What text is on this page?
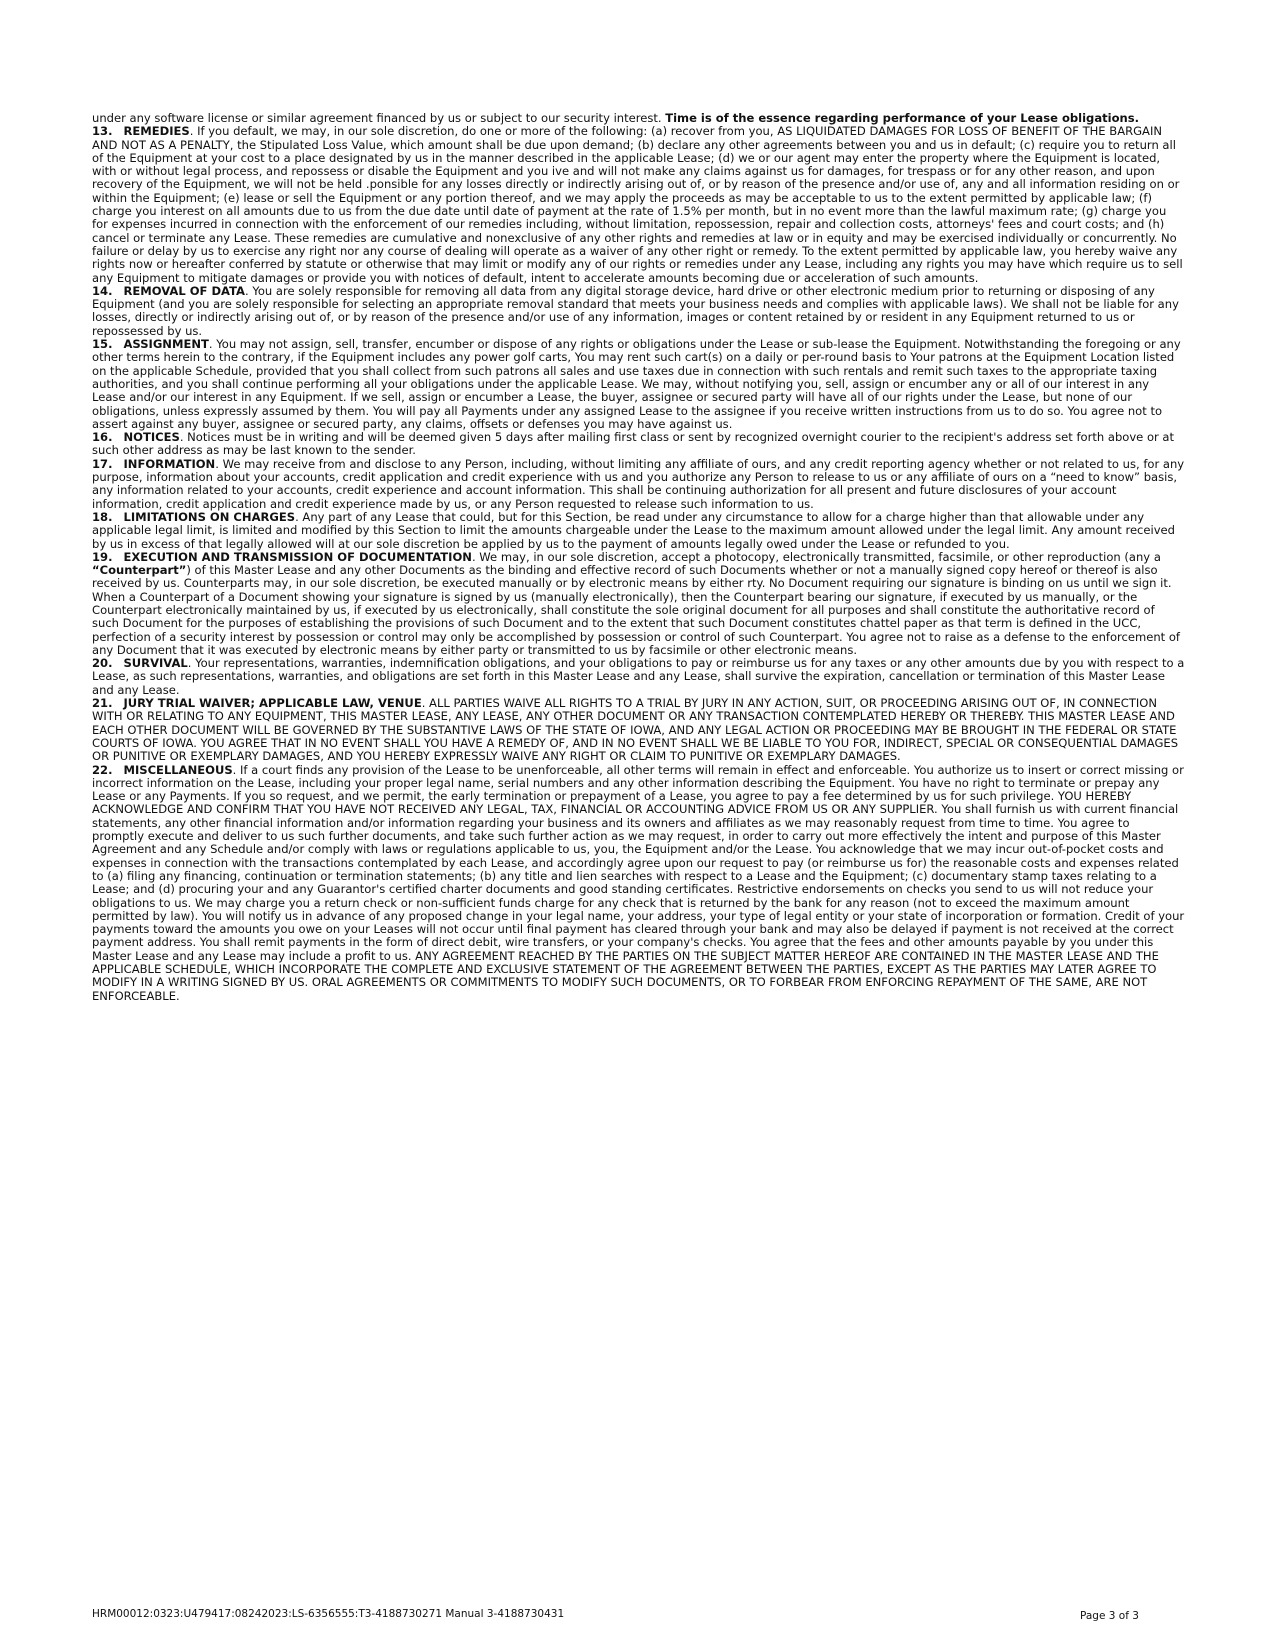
under any software license or similar agreement financed by us or subject to our security interest. Time is of the essence regarding performance of your Lease obligations.

13. REMEDIES. If you default, we may, in our sole discretion, do one or more of the following: (a) recover from you, AS LIQUIDATED DAMAGES FOR LOSS OF BENEFIT OF THE BARGAIN AND NOT AS A PENALTY, the Stipulated Loss Value, which amount shall be due upon demand; (b) declare any other agreements between you and us in default; (c) require you to return all of the Equipment at your cost to a place designated by us in the manner described in the applicable Lease; (d) we or our agent may enter the property where the Equipment is located, with or without legal process, and repossess or disable the Equipment and you ive and will not make any claims against us for damages, for trespass or for any other reason, and upon recovery of the Equipment, we will not be held .ponsible for any losses directly or indirectly arising out of, or by reason of the presence and/or use of, any and all information residing on or within the Equipment; (e) lease or sell the Equipment or any portion thereof, and we may apply the proceeds as may be acceptable to us to the extent permitted by applicable law; (f) charge you interest on all amounts due to us from the due date until date of payment at the rate of 1.5% per month, but in no event more than the lawful maximum rate; (g) charge you for expenses incurred in connection with the enforcement of our remedies including, without limitation, repossession, repair and collection costs, attorneys' fees and court costs; and (h) cancel or terminate any Lease. These remedies are cumulative and nonexclusive of any other rights and remedies at law or in equity and may be exercised individually or concurrently. No failure or delay by us to exercise any right nor any course of dealing will operate as a waiver of any other right or remedy. To the extent permitted by applicable law, you hereby waive any rights now or hereafter conferred by statute or otherwise that may limit or modify any of our rights or remedies under any Lease, including any rights you may have which require us to sell any Equipment to mitigate damages or provide you with notices of default, intent to accelerate amounts becoming due or acceleration of such amounts.

14. REMOVAL OF DATA. You are solely responsible for removing all data from any digital storage device, hard drive or other electronic medium prior to returning or disposing of any Equipment (and you are solely responsible for selecting an appropriate removal standard that meets your business needs and complies with applicable laws). We shall not be liable for any losses, directly or indirectly arising out of, or by reason of the presence and/or use of any information, images or content retained by or resident in any Equipment returned to us or repossessed by us.

15. ASSIGNMENT. You may not assign, sell, transfer, encumber or dispose of any rights or obligations under the Lease or sub-lease the Equipment. Notwithstanding the foregoing or any other terms herein to the contrary, if the Equipment includes any power golf carts, You may rent such cart(s) on a daily or per-round basis to Your patrons at the Equipment Location listed on the applicable Schedule, provided that you shall collect from such patrons all sales and use taxes due in connection with such rentals and remit such taxes to the appropriate taxing authorities, and you shall continue performing all your obligations under the applicable Lease. We may, without notifying you, sell, assign or encumber any or all of our interest in any Lease and/or our interest in any Equipment. If we sell, assign or encumber a Lease, the buyer, assignee or secured party will have all of our rights under the Lease, but none of our obligations, unless expressly assumed by them. You will pay all Payments under any assigned Lease to the assignee if you receive written instructions from us to do so. You agree not to assert against any buyer, assignee or secured party, any claims, offsets or defenses you may have against us.

16. NOTICES. Notices must be in writing and will be deemed given 5 days after mailing first class or sent by recognized overnight courier to the recipient's address set forth above or at such other address as may be last known to the sender.

17. INFORMATION. We may receive from and disclose to any Person, including, without limiting any affiliate of ours, and any credit reporting agency whether or not related to us, for any purpose, information about your accounts, credit application and credit experience with us and you authorize any Person to release to us or any affiliate of ours on a “need to know” basis, any information related to your accounts, credit experience and account information. This shall be continuing authorization for all present and future disclosures of your account information, credit application and credit experience made by us, or any Person requested to release such information to us.

18. LIMITATIONS ON CHARGES. Any part of any Lease that could, but for this Section, be read under any circumstance to allow for a charge higher than that allowable under any applicable legal limit, is limited and modified by this Section to limit the amounts chargeable under the Lease to the maximum amount allowed under the legal limit. Any amount received by us in excess of that legally allowed will at our sole discretion be applied by us to the payment of amounts legally owed under the Lease or refunded to you.

19. EXECUTION AND TRANSMISSION OF DOCUMENTATION. We may, in our sole discretion, accept a photocopy, electronically transmitted, facsimile, or other reproduction (any a “Counterpart”) of this Master Lease and any other Documents as the binding and effective record of such Documents whether or not a manually signed copy hereof or thereof is also received by us. Counterparts may, in our sole discretion, be executed manually or by electronic means by either rty. No Document requiring our signature is binding on us until we sign it. When a Counterpart of a Document showing your signature is signed by us (manually electronically), then the Counterpart bearing our signature, if executed by us manually, or the Counterpart electronically maintained by us, if executed by us electronically, shall constitute the sole original document for all purposes and shall constitute the authoritative record of such Document for the purposes of establishing the provisions of such Document and to the extent that such Document constitutes chattel paper as that term is defined in the UCC, perfection of a security interest by possession or control may only be accomplished by possession or control of such Counterpart. You agree not to raise as a defense to the enforcement of any Document that it was executed by electronic means by either party or transmitted to us by facsimile or other electronic means.

20. SURVIVAL. Your representations, warranties, indemnification obligations, and your obligations to pay or reimburse us for any taxes or any other amounts due by you with respect to a Lease, as such representations, warranties, and obligations are set forth in this Master Lease and any Lease, shall survive the expiration, cancellation or termination of this Master Lease and any Lease.

21. JURY TRIAL WAIVER; APPLICABLE LAW, VENUE. ALL PARTIES WAIVE ALL RIGHTS TO A TRIAL BY JURY IN ANY ACTION, SUIT, OR PROCEEDING ARISING OUT OF, IN CONNECTION WITH OR RELATING TO ANY EQUIPMENT, THIS MASTER LEASE, ANY LEASE, ANY OTHER DOCUMENT OR ANY TRANSACTION CONTEMPLATED HEREBY OR THEREBY. THIS MASTER LEASE AND EACH OTHER DOCUMENT WILL BE GOVERNED BY THE SUBSTANTIVE LAWS OF THE STATE OF IOWA, AND ANY LEGAL ACTION OR PROCEEDING MAY BE BROUGHT IN THE FEDERAL OR STATE COURTS OF IOWA. YOU AGREE THAT IN NO EVENT SHALL YOU HAVE A REMEDY OF, AND IN NO EVENT SHALL WE BE LIABLE TO YOU FOR, INDIRECT, SPECIAL OR CONSEQUENTIAL DAMAGES OR PUNITIVE OR EXEMPLARY DAMAGES, AND YOU HEREBY EXPRESSLY WAIVE ANY RIGHT OR CLAIM TO PUNITIVE OR EXEMPLARY DAMAGES.

22. MISCELLANEOUS. If a court finds any provision of the Lease to be unenforceable, all other terms will remain in effect and enforceable. You authorize us to insert or correct missing or incorrect information on the Lease, including your proper legal name, serial numbers and any other information describing the Equipment. You have no right to terminate or prepay any Lease or any Payments. If you so request, and we permit, the early termination or prepayment of a Lease, you agree to pay a fee determined by us for such privilege. YOU HEREBY ACKNOWLEDGE AND CONFIRM THAT YOU HAVE NOT RECEIVED ANY LEGAL, TAX, FINANCIAL OR ACCOUNTING ADVICE FROM US OR ANY SUPPLIER. You shall furnish us with current financial statements, any other financial information and/or information regarding your business and its owners and affiliates as we may reasonably request from time to time. You agree to promptly execute and deliver to us such further documents, and take such further action as we may request, in order to carry out more effectively the intent and purpose of this Master Agreement and any Schedule and/or comply with laws or regulations applicable to us, you, the Equipment and/or the Lease. You acknowledge that we may incur out-of-pocket costs and expenses in connection with the transactions contemplated by each Lease, and accordingly agree upon our request to pay (or reimburse us for) the reasonable costs and expenses related to (a) filing any financing, continuation or termination statements; (b) any title and lien searches with respect to a Lease and the Equipment; (c) documentary stamp taxes relating to a Lease; and (d) procuring your and any Guarantor's certified charter documents and good standing certificates. Restrictive endorsements on checks you send to us will not reduce your obligations to us. We may charge you a return check or non-sufficient funds charge for any check that is returned by the bank for any reason (not to exceed the maximum amount permitted by law). You will notify us in advance of any proposed change in your legal name, your address, your type of legal entity or your state of incorporation or formation. Credit of your payments toward the amounts you owe on your Leases will not occur until final payment has cleared through your bank and may also be delayed if payment is not received at the correct payment address. You shall remit payments in the form of direct debit, wire transfers, or your company's checks. You agree that the fees and other amounts payable by you under this Master Lease and any Lease may include a profit to us. ANY AGREEMENT REACHED BY THE PARTIES ON THE SUBJECT MATTER HEREOF ARE CONTAINED IN THE MASTER LEASE AND THE APPLICABLE SCHEDULE, WHICH INCORPORATE THE COMPLETE AND EXCLUSIVE STATEMENT OF THE AGREEMENT BETWEEN THE PARTIES, EXCEPT AS THE PARTIES MAY LATER AGREE TO MODIFY IN A WRITING SIGNED BY US. ORAL AGREEMENTS OR COMMITMENTS TO MODIFY SUCH DOCUMENTS, OR TO FORBEAR FROM ENFORCING REPAYMENT OF THE SAME, ARE NOT ENFORCEABLE.

HRM00012:0323:U479417:08242023:LS-6356555:T3-4188730271 Manual 3-4188730431	Page 3 of 3
